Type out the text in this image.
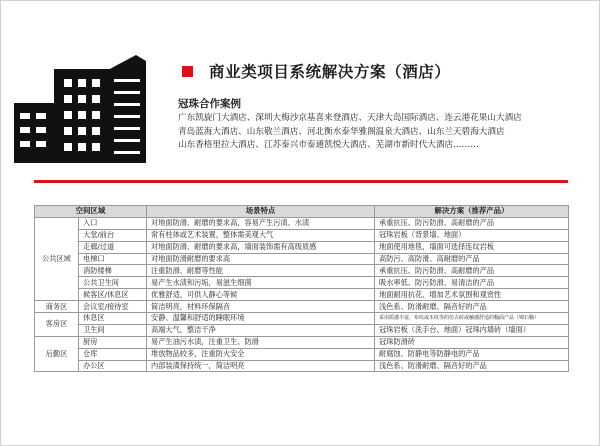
商业类项目系统解决方案（酒店）
冠珠合作案例
广东凯旋门大酒店、深圳大梅沙京基喜来登酒店、天津大岛国际酒店、连云港花果山大酒店
青岛蓝海大酒店、山东敬兰酒店、河北衡水泰华雅阁温泉大酒店、山东兰天碧海大酒店
山东香格里拉大酒店、江苏泰兴市泰通凯悦大酒店、芜湖市新时代大酒店………
空间区域		场景特点	解决方案（推荐产品）
公共区域	入口	对地面防滑、耐磨的要求高，容易产生污渍、水渍	承重抗压、防污防滑、高耐磨的产品
	大堂/前台	常有柱体或艺术装置，整体需美观大气	冠珠岩板（背景墙、地面）
	走廊/过道	对地面防滑、耐磨的要求高，墙面装饰需有高级质感	地面使用地毯，墙面可选择连纹岩板
	电梯口	对地面防滑耐磨的要求高	高防污、高防滑、高耐磨的产品
	消防楼梯	注重防滑、耐磨等性能	承重抗压、防污防滑、高耐磨的产品
	公共卫生间	易产生水渍和污垢，易滋生细菌	吸水率低、防污防滑、易清洁的产品
	候客区/休息区	优雅舒适，可供人静心等候	地面耐用抗花、增加艺术氛围和观赏性
商务区	会议室/接待室	简洁明亮，材料环保隔音	浅色系、防滑耐磨、隔音好的产品
客房区	休息区	安静、温馨和舒适的睡眠环境	采用质感丰富，布纹或木纹等的仿古砖或触感舒适的釉面产品（锦石釉）
	卫生间	高端大气，整洁干净	冠珠岩板（洗手台、地面）冠珠内墙砖（墙面）
后勤区	厨房	易产生油污水渍，注重卫生、防滑	冠珠防滑砖
	仓库	堆放物品较多，注重防火安全	耐腐蚀、防静电等防静电的产品
	办公区	内部装潢保持统一，简洁明亮	浅色系、防滑耐磨、隔音好的产品
